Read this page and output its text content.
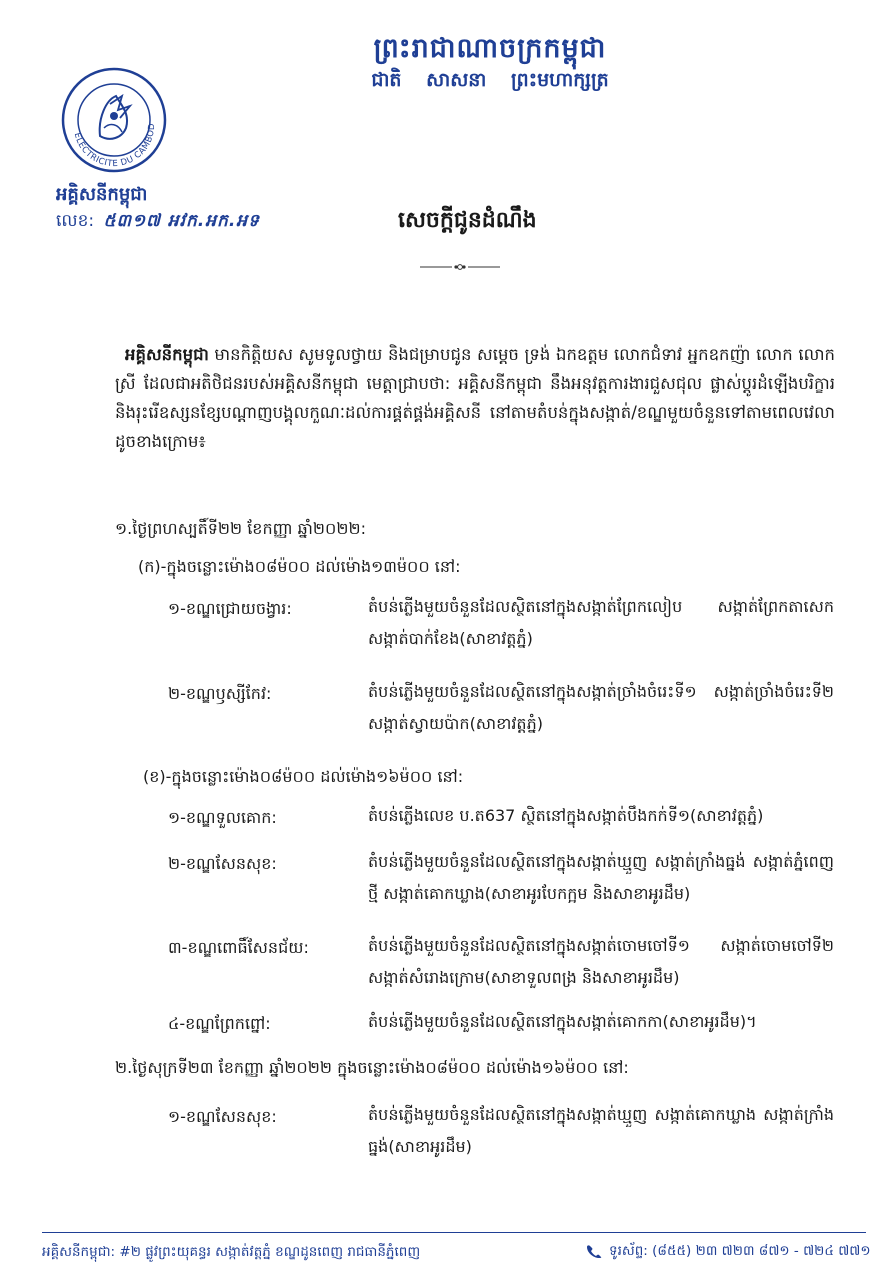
ព្រះរាជាណាចក្រកម្ពុជា
ជាតិ សាសនា ព្រះមហាក្សត្រ
ELECTRICITE DU CAMBOD
អគ្គិសនីកម្ពុជា
លេខ: ៥៣១៧ អវក.អក.អទ	សេចក្តីជូនដំណឹង
អគ្គិសនីកម្ពុជា មានកិត្តិយស សូមទូលថ្វាយ និងជម្រាបជូន សម្តេច ទ្រង់ ឯកឧត្តម លោកជំទាវ អ្នកឧកញ៉ា លោក លោកស្រី ដែលជាអតិថិជនរបស់អគ្គិសនីកម្ពុជា មេត្តាជ្រាបថា: អគ្គិសនីកម្ពុជា នឹងអនុវត្តការងារជួសជុល ផ្លាស់ប្តូរដំឡើងបរិក្ខារ និងរុះរើឧស្សនខ្សែបណ្តាញបង្គុលកួណៈដល់ការផ្គត់ផ្គង់អគ្គិសនី នៅតាមតំបន់ក្នុងសង្កាត់/ខណ្ឌមួយចំនួនទៅតាមពេលវេលាដូចខាងក្រោម៖
១.ថ្ងៃព្រហស្បតិ៍ទី២២ ខែកញ្ញា ឆ្នាំ២០២២:
(ក)-ក្នុងចន្លោះម៉ោង០៨ម៉០០ ដល់ម៉ោង១៣ម៉០០ នៅ:
១-ខណ្ឌជ្រោយចង្វារ:	តំបន់ភ្លើងមួយចំនួនដែលស្ថិតនៅក្នុងសង្កាត់ព្រែកលៀប សង្កាត់ព្រែកតាសេក សង្កាត់បាក់ខែង(សាខាវត្តភ្នំ)
២-ខណ្ឌឫស្សីកែវ:	តំបន់ភ្លើងមួយចំនួនដែលស្ថិតនៅក្នុងសង្កាត់ច្រាំងចំរេះទី១ សង្កាត់ច្រាំងចំរេះទី២ សង្កាត់ស្វាយប៉ាក(សាខាវត្តភ្នំ)
(ខ)-ក្នុងចន្លោះម៉ោង០៨ម៉០០ ដល់ម៉ោង១៦ម៉០០ នៅ:
១-ខណ្ឌទួលគោក:	តំបន់ភ្លើងលេខ ប.ត637 ស្ថិតនៅក្នុងសង្កាត់បឹងកក់ទី១(សាខាវត្តភ្នំ)
២-ខណ្ឌសែនសុខ:	តំបន់ភ្លើងមួយចំនួនដែលស្ថិតនៅក្នុងសង្កាត់ឃ្មួញ សង្កាត់ក្រាំងធ្នង់ សង្កាត់ភ្នំពេញថ្មី សង្កាត់គោកឃ្លាង(សាខាអូរបែកក្អម និងសាខាអូរដឹម)
៣-ខណ្ឌពោធិ៍សែនជ័យ:	តំបន់ភ្លើងមួយចំនួនដែលស្ថិតនៅក្នុងសង្កាត់ចោមចៅទី១ សង្កាត់ចោមចៅទី២ សង្កាត់សំរោងក្រោម(សាខាទួលពង្រ និងសាខាអូរដឹម)
៤-ខណ្ឌព្រែកព្នៅ:	តំបន់ភ្លើងមួយចំនួនដែលស្ថិតនៅក្នុងសង្កាត់គោកកា(សាខាអូរដឹម)។
២.ថ្ងៃសុក្រទី២៣ ខែកញ្ញា ឆ្នាំ២០២២ ក្នុងចន្លោះម៉ោង០៨ម៉០០ ដល់ម៉ោង១៦ម៉០០ នៅ:
១-ខណ្ឌសែនសុខ:	តំបន់ភ្លើងមួយចំនួនដែលស្ថិតនៅក្នុងសង្កាត់ឃ្មួញ សង្កាត់គោកឃ្លាង សង្កាត់ក្រាំងធ្នង់(សាខាអូរដឹម)
អគ្គិសនីកម្ពុជា: #២ ផ្លូវព្រះយុគន្ធរ សង្កាត់វត្តភ្នំ ខណ្ឌដូនពេញ រាជធានីភ្នំពេញ	ទូរស័ព្ទ: (៨៥៥) ២៣ ៧២៣ ៨៧១ - ៧២៤ ៧៧១
